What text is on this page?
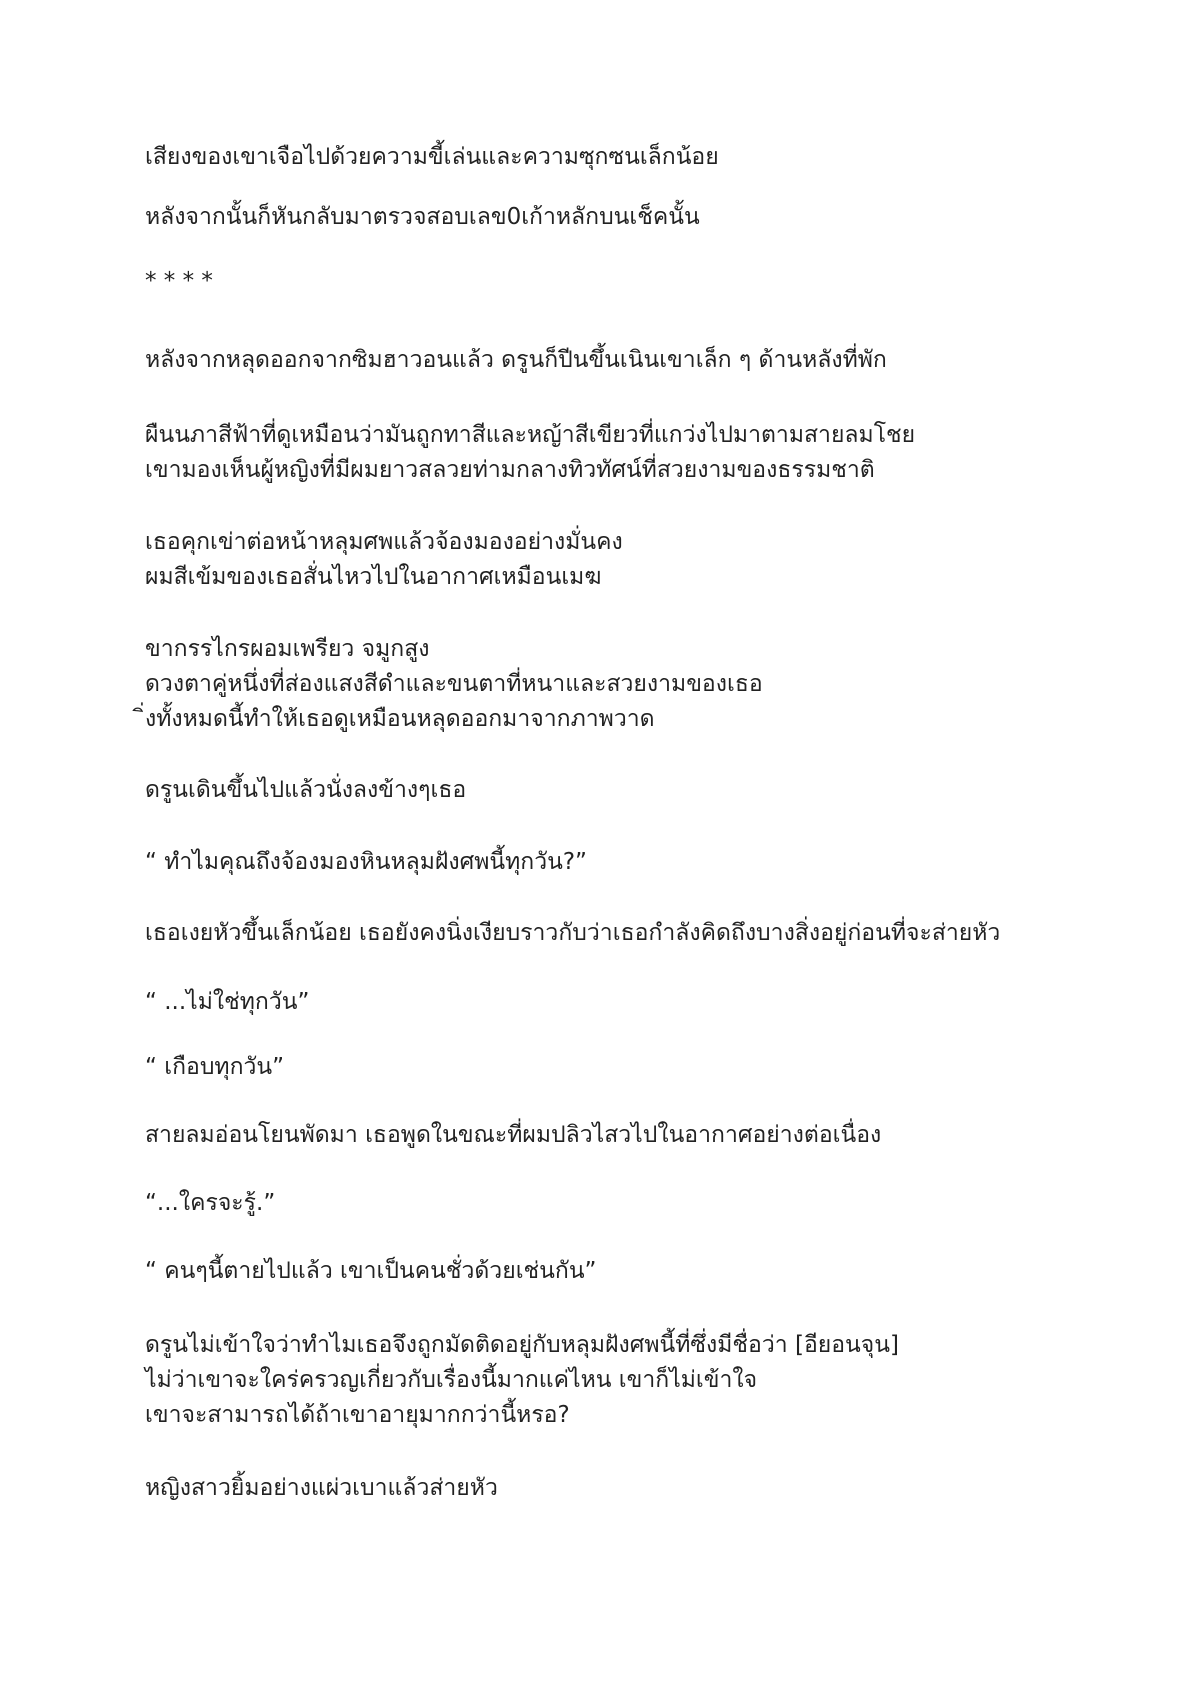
เสียงของเขาเจือไปด้วยความขี้เล่นและความซุกซนเล็กน้อย

หลังจากนั้นก็หันกลับมาตรวจสอบเลข0เก้าหลักบนเช็คนั้น

* * * *

หลังจากหลุดออกจากซิมฮาวอนแล้ว ดรูนก็ปีนขึ้นเนินเขาเล็ก ๆ ด้านหลังที่พัก

ผืนนภาสีฟ้าที่ดูเหมือนว่ามันถูกทาสีและหญ้าสีเขียวที่แกว่งไปมาตามสายลมโชย
เขามองเห็นผู้หญิงที่มีผมยาวสลวยท่ามกลางทิวทัศน์ที่สวยงามของธรรมชาติ

เธอคุกเข่าต่อหน้าหลุมศพแล้วจ้องมองอย่างมั่นคง
ผมสีเข้มของเธอสั่นไหวไปในอากาศเหมือนเมฆ

ขากรรไกรผอมเพรียว จมูกสูง
ดวงตาคู่หนึ่งที่ส่องแสงสีดำและขนตาที่หนาและสวยงามของเธอ
ิ่งทั้งหมดนี้ทำให้เธอดูเหมือนหลุดออกมาจากภาพวาด

ดรูนเดินขึ้นไปแล้วนั่งลงข้างๆเธอ

“ ทำไมคุณถึงจ้องมองหินหลุมฝังศพนี้ทุกวัน?”

เธอเงยหัวขึ้นเล็กน้อย เธอยังคงนิ่งเงียบราวกับว่าเธอกำลังคิดถึงบางสิ่งอยู่ก่อนที่จะส่ายหัว

“ ...ไม่ใช่ทุกวัน”

“ เกือบทุกวัน”

สายลมอ่อนโยนพัดมา เธอพูดในขณะที่ผมปลิวไสวไปในอากาศอย่างต่อเนื่อง

“...ใครจะรู้.”

“ คนๆนี้ตายไปแล้ว เขาเป็นคนชั่วด้วยเช่นกัน”

ดรูนไม่เข้าใจว่าทำไมเธอจึงถูกมัดติดอยู่กับหลุมฝังศพนี้ที่ซึ่งมีชื่อว่า [อียอนจุน]
ไม่ว่าเขาจะใคร่ครวญเกี่ยวกับเรื่องนี้มากแค่ไหน เขาก็ไม่เข้าใจ
เขาจะสามารถได้ถ้าเขาอายุมากกว่านี้หรอ?

หญิงสาวยิ้มอย่างแผ่วเบาแล้วส่ายหัว
